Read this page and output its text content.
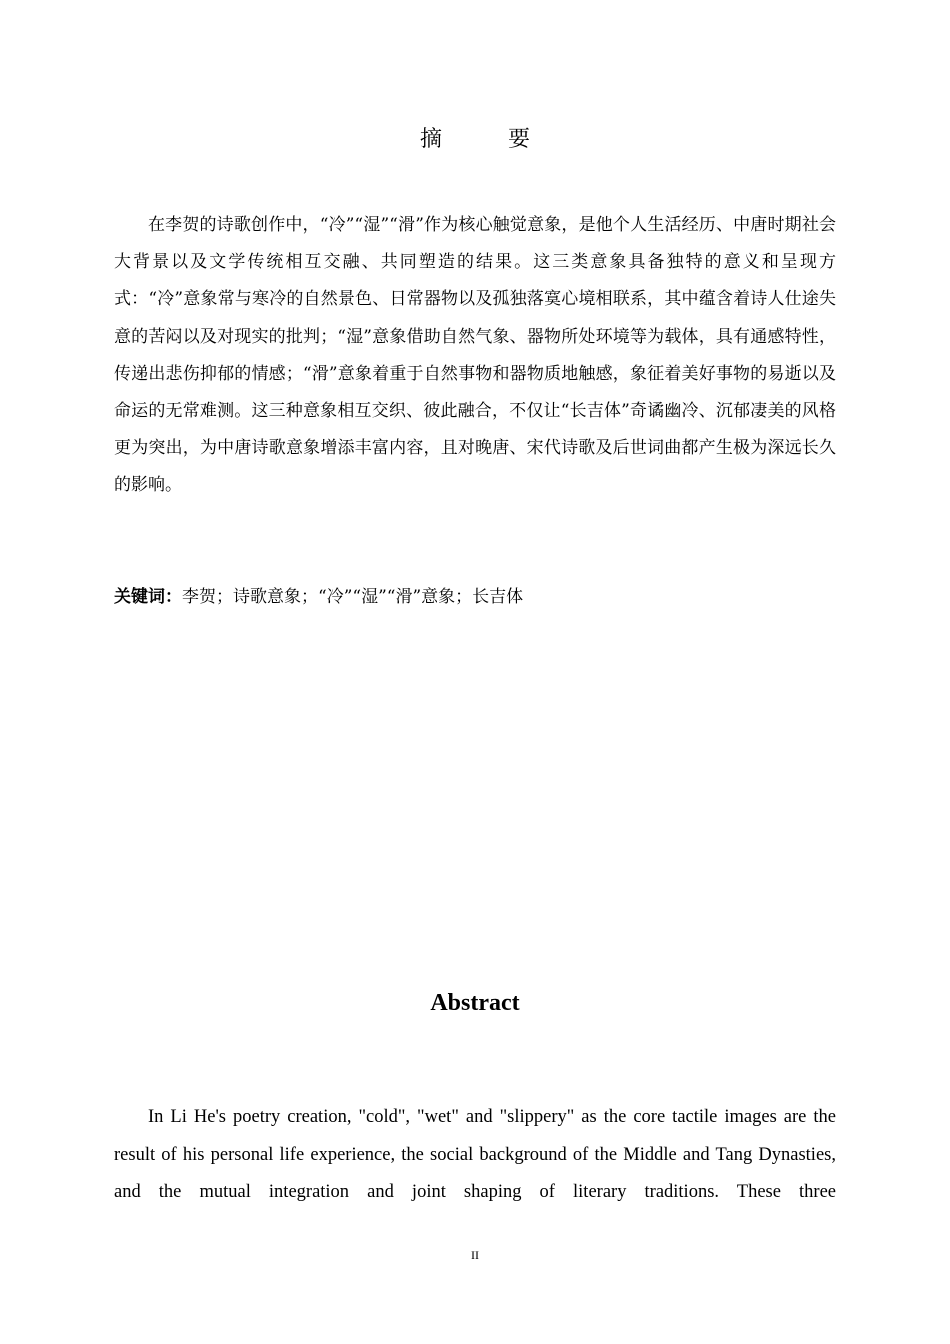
摘　要
在李贺的诗歌创作中，“冷”“湿”“滑”作为核心触觉意象，是他个人生活经历、中唐时期社会大背景以及文学传统相互交融、共同塑造的结果。这三类意象具备独特的意义和呈现方式：“冷”意象常与寒冷的自然景色、日常器物以及孤独落寞心境相联系，其中蕴含着诗人仕途失意的苦闷以及对现实的批判；“湿”意象借助自然气象、器物所处环境等为载体，具有通感特性，传递出悲伤抑郁的情感；“滑”意象着重于自然事物和器物质地触感，象征着美好事物的易逝以及命运的无常难测。这三种意象相互交织、彼此融合，不仅让“长吉体”奇谲幽冷、沉郁凄美的风格更为突出，为中唐诗歌意象增添丰富内容，且对晚唐、宋代诗歌及后世词曲都产生极为深远长久的影响。
关键词：李贺；诗歌意象；“冷”“湿”“滑”意象；长吉体
Abstract
In Li He's poetry creation, "cold", "wet" and "slippery" as the core tactile images are the result of his personal life experience, the social background of the Middle and Tang Dynasties, and the mutual integration and joint shaping of literary traditions. These three
II
